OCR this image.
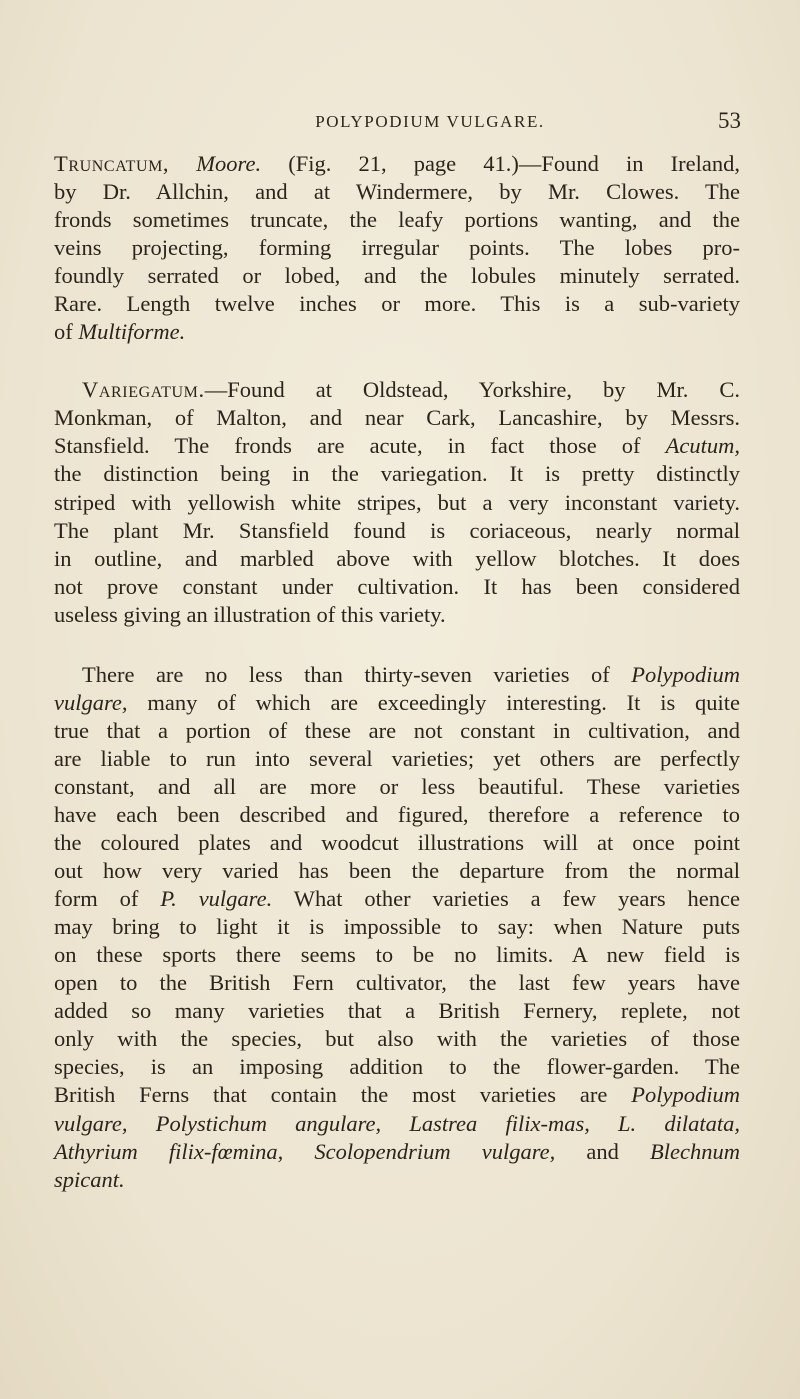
POLYPODIUM VULGARE.	53

Truncatum, Moore. (Fig. 21, page 41.)—Found in Ireland,
by Dr. Allchin, and at Windermere, by Mr. Clowes. The
fronds sometimes truncate, the leafy portions wanting, and the
veins projecting, forming irregular points. The lobes pro-
foundly serrated or lobed, and the lobules minutely serrated.
Rare. Length twelve inches or more. This is a sub-variety
of Multiforme.

Variegatum.—Found at Oldstead, Yorkshire, by Mr. C.
Monkman, of Malton, and near Cark, Lancashire, by Messrs.
Stansfield. The fronds are acute, in fact those of Acutum,
the distinction being in the variegation. It is pretty distinctly
striped with yellowish white stripes, but a very inconstant variety.
The plant Mr. Stansfield found is coriaceous, nearly normal
in outline, and marbled above with yellow blotches. It does
not prove constant under cultivation. It has been considered
useless giving an illustration of this variety.

There are no less than thirty-seven varieties of Polypodium
vulgare, many of which are exceedingly interesting. It is quite
true that a portion of these are not constant in cultivation, and
are liable to run into several varieties; yet others are perfectly
constant, and all are more or less beautiful. These varieties
have each been described and figured, therefore a reference to
the coloured plates and woodcut illustrations will at once point
out how very varied has been the departure from the normal
form of P. vulgare. What other varieties a few years hence
may bring to light it is impossible to say: when Nature puts
on these sports there seems to be no limits. A new field is
open to the British Fern cultivator, the last few years have
added so many varieties that a British Fernery, replete, not
only with the species, but also with the varieties of those
species, is an imposing addition to the flower-garden. The
British Ferns that contain the most varieties are Polypodium
vulgare, Polystichum angulare, Lastrea filix-mas, L. dilatata,
Athyrium filix-fœmina, Scolopendrium vulgare, and Blechnum
spicant.
